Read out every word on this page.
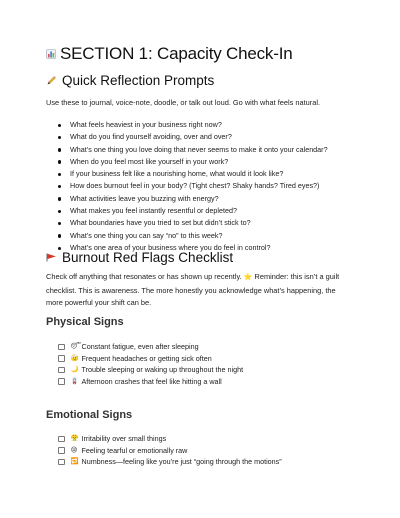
SECTION 1: Capacity Check-In
Quick Reflection Prompts

Use these to journal, voice-note, doodle, or talk out loud. Go with what feels natural.

What feels heaviest in your business right now?
What do you find yourself avoiding, over and over?
What’s one thing you love doing that never seems to make it onto your calendar?
When do you feel most like yourself in your work?
If your business felt like a nourishing home, what would it look like?
How does burnout feel in your body? (Tight chest? Shaky hands? Tired eyes?)
What activities leave you buzzing with energy?
What makes you feel instantly resentful or depleted?
What boundaries have you tried to set but didn’t stick to?
What’s one thing you can say “no” to this week?
What’s one area of your business where you do feel in control?
Burnout Red Flags Checklist

Check off anything that resonates or has shown up recently. ⭐ Reminder: this isn’t a guilt checklist. This is awareness. The more honestly you acknowledge what’s happening, the more powerful your shift can be.

Physical Signs
😴 Constant fatigue, even after sleeping
🤕 Frequent headaches or getting sick often
🌙 Trouble sleeping or waking up throughout the night
🪫 Afternoon crashes that feel like hitting a wall
Emotional Signs
😤 Irritability over small things
😢 Feeling tearful or emotionally raw
🔁 Numbness—feeling like you’re just “going through the motions”
